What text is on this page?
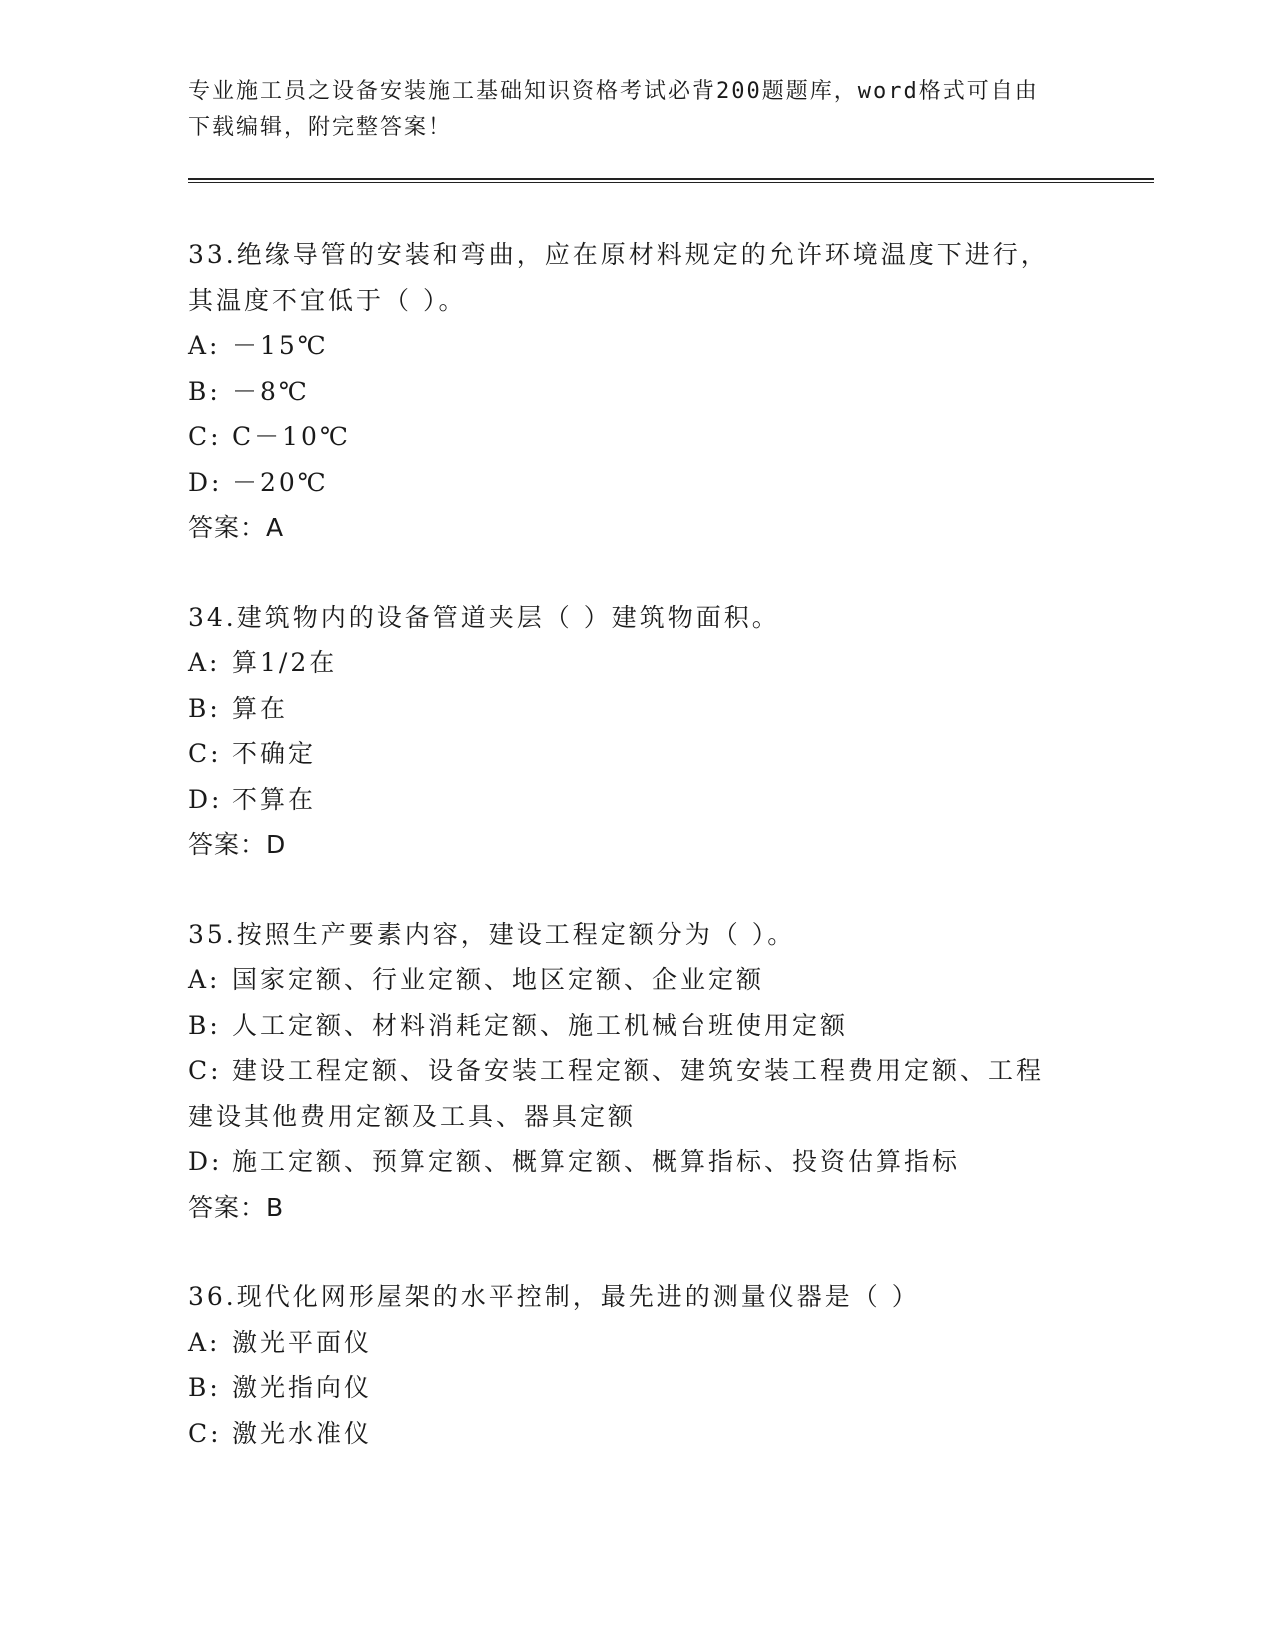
专业施工员之设备安装施工基础知识资格考试必背200题题库，word格式可自由
下载编辑，附完整答案！

33.绝缘导管的安装和弯曲，应在原材料规定的允许环境温度下进行，

其温度不宜低于（ ）。

A: －15℃

B: －8℃

C: C－10℃

D: －20℃

答案：A

34.建筑物内的设备管道夹层（ ）建筑物面积。

A: 算1/2在

B: 算在

C: 不确定

D: 不算在

答案：D

35.按照生产要素内容，建设工程定额分为（ ）。

A: 国家定额、行业定额、地区定额、企业定额

B: 人工定额、材料消耗定额、施工机械台班使用定额

C: 建设工程定额、设备安装工程定额、建筑安装工程费用定额、工程

建设其他费用定额及工具、器具定额

D: 施工定额、预算定额、概算定额、概算指标、投资估算指标

答案：B

36.现代化网形屋架的水平控制，最先进的测量仪器是（ ）

A: 激光平面仪

B: 激光指向仪

C: 激光水准仪
